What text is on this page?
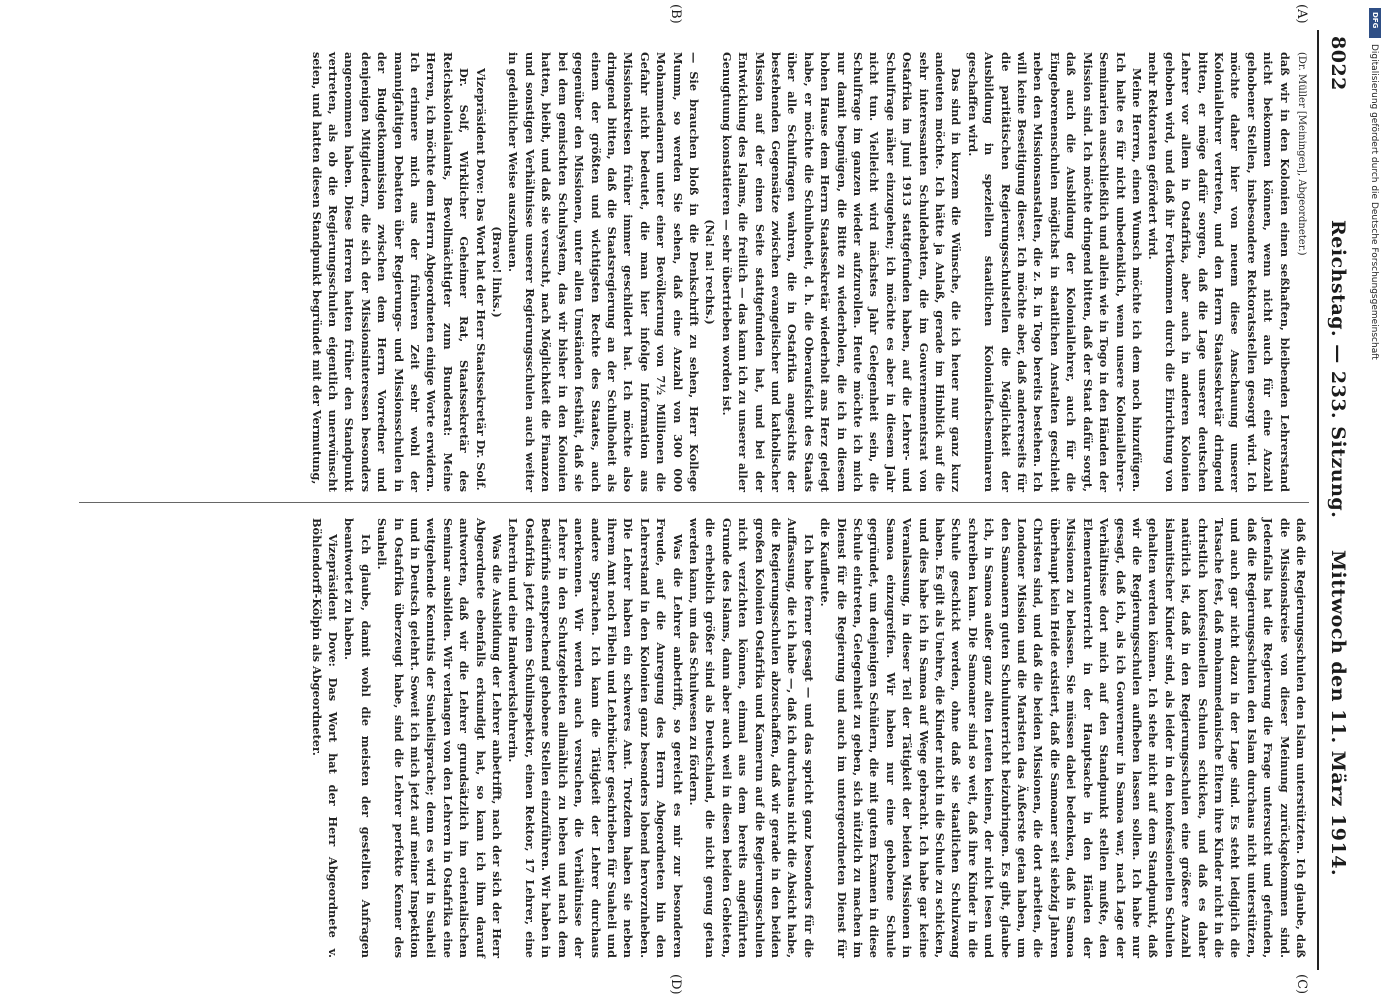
8022
Reichstag. — 233. Sitzung.
Mittwoch den 11. März 1914.
(A)
(B)
(C)
(D)

(Dr. Müller [Meiningen], Abgeordneter.)

daß wir in den Kolonien einen seßhaften, bleibenden Lehrerstand nicht bekommen können, wenn nicht auch für eine Anzahl gehobener Stellen, insbesondere Rektoratsstellen gesorgt wird. Ich möchte daher hier von neuem diese Anschauung unserer Koloniallehrer vertreten, und den Herrn Staatssekretär dringend bitten, er möge dafür sorgen, daß die Lage unserer deutschen Lehrer vor allem in Ostafrika, aber auch in anderen Kolonien gehoben wird, und daß ihr Fortkommen durch die Einrichtung von mehr Rektoraten gefördert wird.

Meine Herren, einen Wunsch möchte ich dem noch hinzufügen. Ich halte es für nicht unbedenklich, wenn unsere Koloniallehrer-Seminarien ausschließlich und allein wie in Togo in den Händen der Mission sind. Ich möchte dringend bitten, daß der Staat dafür sorgt, daß auch die Ausbildung der Koloniallehrer, auch für die Eingeborenenschulen möglichst in staatlichen Anstalten geschieht neben den Missionsanstalten, die z. B. in Togo bereits bestehen. Ich will keine Beseitigung dieser. Ich möchte aber, daß andererseits für die paritätischen Regierungsschulstellen die Möglichkeit der Ausbildung in speziellen staatlichen Kolonialfachseminaren geschaffen wird.

Das sind in kurzem die Wünsche, die ich heuer nur ganz kurz andeuten möchte. Ich hätte ja Anlaß, gerade im Hinblick auf die sehr interessanten Schuldebatten, die im Gouvernementsrat von Ostafrika im Juni 1913 stattgefunden haben, auf die Lehrer- und Schulfrage näher einzugehen; ich möchte es aber in diesem Jahr nicht tun. Vielleicht wird nächstes Jahr Gelegenheit sein, die Schulfrage im ganzen wieder aufzurollen. Heute möchte ich mich nur damit begnügen, die Bitte zu wiederholen, die ich in diesem hohen Hause dem Herrn Staatssekretär wiederholt ans Herz gelegt habe, er möchte die Schulhoheit, d. h. die Oberaufsicht des Staats über alle Schulfragen wahren, die in Ostafrika angesichts der bestehenden Gegensätze zwischen evangelischer und katholischer Mission auf der einen Seite stattgefunden hat, und bei der Entwicklung des Islams, die freilich — das kann ich zu unserer aller Genugtuung konstatieren — sehr übertrieben worden ist.

(Na! na! rechts.)

— Sie brauchen bloß in die Denkschrift zu sehen, Herr Kollege Mumm, so werden Sie sehen, daß eine Anzahl von 300 000 Mohammedanern unter einer Bevölkerung von 7½ Millionen die Gefahr nicht bedeutet, die man hier infolge Information aus Missionskreisen früher immer geschildert hat. Ich möchte also dringend bitten, daß die Staatsregierung an der Schulhoheit als einem der größten und wichtigsten Rechte des Staates, auch gegenüber den Missionen, unter allen Umständen festhält, daß sie bei dem gemischten Schulsystem, das wir bisher in den Kolonien hatten, bleibt, und daß sie versucht, nach Möglichkeit die Finanzen und sonstigen Verhältnisse unserer Regierungsschulen auch weiter in gedeihlicher Weise auszubauen.

(Bravo! links.)

Vizepräsident Dove: Das Wort hat der Herr Staatssekretär Dr. Solf.

Dr. Solf, Wirklicher Geheimer Rat, Staatssekretär des Reichskolonialamts, Bevollmächtigter zum Bundesrat: Meine Herren, ich möchte dem Herrn Abgeordneten einige Worte erwidern. Ich erinnere mich aus der früheren Zeit sehr wohl der mannigfaltigen Debatten über Regierungs- und Missionsschulen in der Budgetkommission zwischen dem Herrn Vorredner und denjenigen Mitgliedern, die sich der Missionsinteressen besonders angenommen haben. Diese Herren hatten früher den Standpunkt vertreten, als ob die Regierungsschulen eigentlich unerwünscht seien, und hatten diesen Standpunkt begründet mit der Vermutung,

daß die Regierungsschulen den Islam unterstützten. Ich glaube, daß die Missionskreise von dieser Meinung zurückgekommen sind. Jedenfalls hat die Regierung die Frage untersucht und gefunden, daß die Regierungsschulen den Islam durchaus nicht unterstützen, und auch gar nicht dazu in der Lage sind. Es steht lediglich die Tatsache fest, daß mohammedanische Eltern ihre Kinder nicht in die christlich konfessionellen Schulen schicken, und daß es daher natürlich ist, daß in den Regierungsschulen eine größere Anzahl islamitischer Kinder sind, als leider in den konfessionellen Schulen gehalten werden können. Ich stehe nicht auf dem Standpunkt, daß wir die Regierungsschulen aufheben lassen sollen. Ich habe nur gesagt, daß ich, als ich Gouverneur in Samoa war, nach Lage der Verhältnisse dort mich auf den Standpunkt stellen mußte, den Elementarunterricht in der Hauptsache in den Händen der Missionen zu belassen. Sie müssen dabei bedenken, daß in Samoa überhaupt kein Heide existiert, daß die Samoaner seit siebzig Jahren Christen sind, und daß die beiden Missionen, die dort arbeiten, die Londoner Mission und die Maristen das Äußerste getan haben, um den Samoanern guten Schulunterricht beizubringen. Es gibt, glaube ich, in Samoa außer ganz alten Leuten keinen, der nicht lesen und schreiben kann. Die Samoaner sind so weit, daß ihre Kinder in die Schule geschickt werden, ohne daß sie staatlichen Schulzwang haben. Es gilt als Unehre, die Kinder nicht in die Schule zu schicken, und dies habe ich in Samoa auf Wege gebracht. Ich habe gar keine Veranlassung, in dieser Teil der Tätigkeit der beiden Missionen in Samoa einzugreifen. Wir haben nur eine gehobene Schule gegründet, um denjenigen Schülern, die mit gutem Examen in diese Schule eintreten, Gelegenheit zu geben, sich nützlich zu machen im Dienst für die Regierung und auch im untergeordneten Dienst für die Kaufleute.

Ich habe ferner gesagt — und das spricht ganz besonders für die Auffassung, die ich habe —, daß ich durchaus nicht die Absicht habe, die Regierungsschulen abzuschaffen, daß wir gerade in den beiden großen Kolonien Ostafrika und Kamerun auf die Regierungsschulen nicht verzichten können, einmal aus dem bereits angeführten Grunde des Islams, dann aber auch weil in diesen beiden Gebieten, die erheblich größer sind als Deutschland, die nicht genug getan werden kann, um das Schulwesen zu fördern.

Was die Lehrer anbetrifft, so gereicht es mir zur besonderen Freude, auf die Anregung des Herrn Abgeordneten hin den Lehrerstand in den Kolonien ganz besonders lobend hervorzuheben. Die Lehrer haben ein schweres Amt. Trotzdem haben sie neben ihrem Amt noch Fibeln und Lehrbücher geschrieben für Suaheli und andere Sprachen. Ich kann die Tätigkeit der Lehrer durchaus anerkennen. Wir werden auch versuchen, die Verhältnisse der Lehrer in den Schutzgebieten allmählich zu heben und nach dem Bedürfnis entsprechend gehobene Stellen einzuführen. Wir haben in Ostafrika jetzt einen Schulinspektor, einen Rektor, 17 Lehrer, eine Lehrerin und eine Handwerkslehrerin.

Was die Ausbildung der Lehrer anbetrifft, nach der sich der Herr Abgeordnete ebenfalls erkundigt hat, so kann ich ihm darauf antworten, daß wir die Lehrer grundsätzlich im orientalischen Seminar ausbilden. Wir verlangen von den Lehrern in Ostafrika eine weitgehende Kenntnis der Suahelisprache; denn es wird in Suaheli und in Deutsch gelehrt. Soweit ich mich jetzt auf meiner Inspektion in Ostafrika überzeugt habe, sind die Lehrer perfekte Kenner des Suaheli.

Ich glaube, damit wohl die meisten der gestellten Anfragen beantwortet zu haben.

Vizepräsident Dove: Das Wort hat der Herr Abgeordnete v. Böhlendorff-Kölpin als Abgeordneter.

DFG
Digitalisierung gefördert durch die Deutsche Forschungsgemeinschaft
